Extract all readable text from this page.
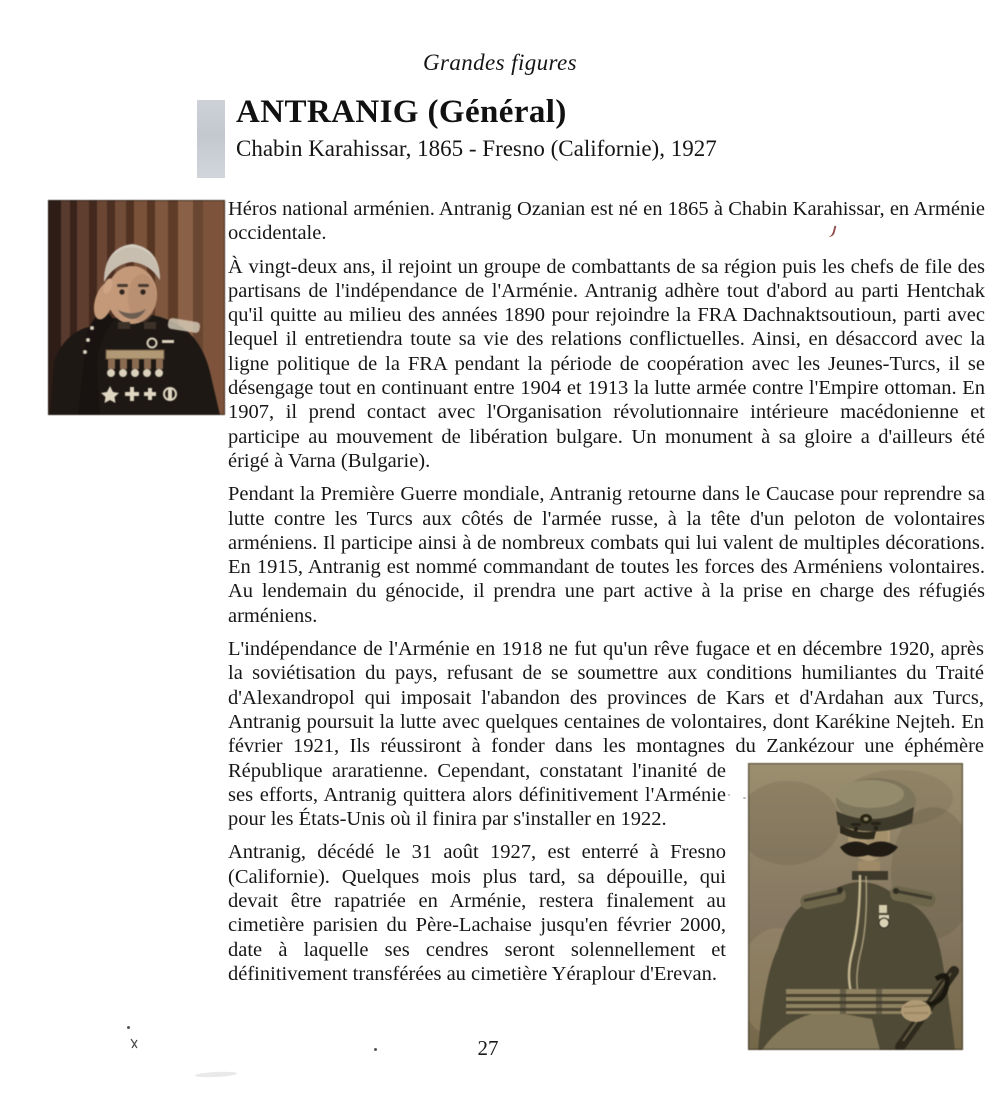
Grandes figures
ANTRANIG (Général)
Chabin Karahissar, 1865 - Fresno (Californie), 1927

Héros national arménien. Antranig Ozanian est né en 1865 à Chabin Karahissar, en Arménie occidentale.

À vingt-deux ans, il rejoint un groupe de combattants de sa région puis les chefs de file des partisans de l'indépendance de l'Arménie. Antranig adhère tout d'abord au parti Hentchak qu'il quitte au milieu des années 1890 pour rejoindre la FRA Dachnaktsoutioun, parti avec lequel il entretiendra toute sa vie des relations conflictuelles. Ainsi, en désaccord avec la ligne politique de la FRA pendant la période de coopération avec les Jeunes-Turcs, il se désengage tout en continuant entre 1904 et 1913 la lutte armée contre l'Empire ottoman. En 1907, il prend contact avec l'Organisation révolutionnaire intérieure macédonienne et participe au mouvement de libération bulgare. Un monument à sa gloire a d'ailleurs été érigé à Varna (Bulgarie).

Pendant la Première Guerre mondiale, Antranig retourne dans le Caucase pour reprendre sa lutte contre les Turcs aux côtés de l'armée russe, à la tête d'un peloton de volontaires arméniens. Il participe ainsi à de nombreux combats qui lui valent de multiples décorations. En 1915, Antranig est nommé commandant de toutes les forces des Arméniens volontaires. Au lendemain du génocide, il prendra une part active à la prise en charge des réfugiés arméniens.

L'indépendance de l'Arménie en 1918 ne fut qu'un rêve fugace et en décembre 1920, après la soviétisation du pays, refusant de se soumettre aux conditions humiliantes du Traité d'Alexandropol qui imposait l'abandon des provinces de Kars et d'Ardahan aux Turcs, Antranig poursuit la lutte avec quelques centaines de volontaires, dont Karékine Nejteh. En février 1921, Ils réussiront à fonder dans les montagnes du Zankézour une éphémère République araratienne. Cependant, constatant l'inanité de ses efforts, Antranig quittera alors définitivement l'Arménie pour les États-Unis où il finira par s'installer en 1922.

Antranig, décédé le 31 août 1927, est enterré à Fresno (Californie). Quelques mois plus tard, sa dépouille, qui devait être rapatriée en Arménie, restera finalement au cimetière parisien du Père-Lachaise jusqu'en février 2000, date à laquelle ses cendres seront solennellement et définitivement transférées au cimetière Yéraplour d'Erevan.

27
